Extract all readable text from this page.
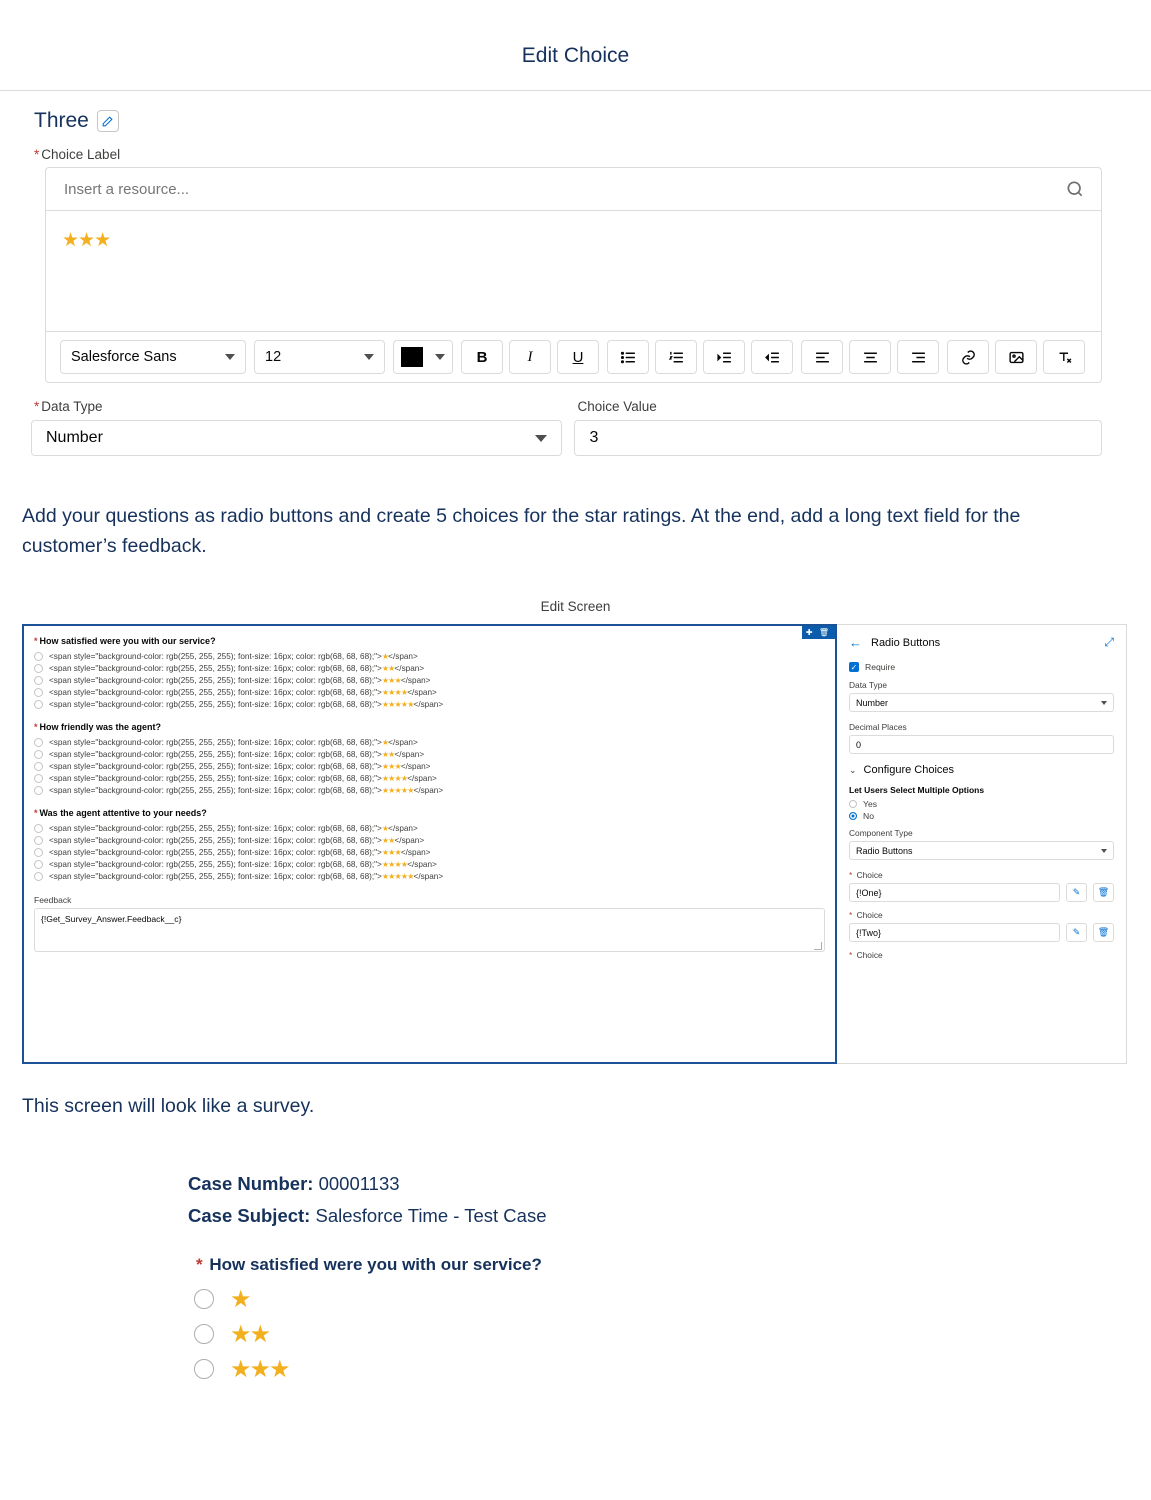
Edit Choice
Three
* Choice Label
Insert a resource...
★★★
Salesforce Sans	12	B	I	U
* Data Type
Number
Choice Value
3

Add your questions as radio buttons and create 5 choices for the star ratings. At the end, add a long text field for the customer’s feedback.

Edit Screen
✚ 🗑
* How satisfied were you with our service?
<span style="background-color: rgb(255, 255, 255); font-size: 16px; color: rgb(68, 68, 68);">★</span>
<span style="background-color: rgb(255, 255, 255); font-size: 16px; color: rgb(68, 68, 68);">★★</span>
<span style="background-color: rgb(255, 255, 255); font-size: 16px; color: rgb(68, 68, 68);">★★★</span>
<span style="background-color: rgb(255, 255, 255); font-size: 16px; color: rgb(68, 68, 68);">★★★★</span>
<span style="background-color: rgb(255, 255, 255); font-size: 16px; color: rgb(68, 68, 68);">★★★★★</span>
* How friendly was the agent?
<span style="background-color: rgb(255, 255, 255); font-size: 16px; color: rgb(68, 68, 68);">★</span>
<span style="background-color: rgb(255, 255, 255); font-size: 16px; color: rgb(68, 68, 68);">★★</span>
<span style="background-color: rgb(255, 255, 255); font-size: 16px; color: rgb(68, 68, 68);">★★★</span>
<span style="background-color: rgb(255, 255, 255); font-size: 16px; color: rgb(68, 68, 68);">★★★★</span>
<span style="background-color: rgb(255, 255, 255); font-size: 16px; color: rgb(68, 68, 68);">★★★★★</span>
* Was the agent attentive to your needs?
<span style="background-color: rgb(255, 255, 255); font-size: 16px; color: rgb(68, 68, 68);">★</span>
<span style="background-color: rgb(255, 255, 255); font-size: 16px; color: rgb(68, 68, 68);">★★</span>
<span style="background-color: rgb(255, 255, 255); font-size: 16px; color: rgb(68, 68, 68);">★★★</span>
<span style="background-color: rgb(255, 255, 255); font-size: 16px; color: rgb(68, 68, 68);">★★★★</span>
<span style="background-color: rgb(255, 255, 255); font-size: 16px; color: rgb(68, 68, 68);">★★★★★</span>
Feedback
{!Get_Survey_Answer.Feedback__c}
← Radio Buttons	⤢
✓ Require
Data Type
Number
Decimal Places
0
⌄ Configure Choices
Let Users Select Multiple Options
Yes
No
Component Type
Radio Buttons
* Choice
{!One}	✎	🗑
* Choice
{!Two}	✎	🗑
* Choice

This screen will look like a survey.

Case Number: 00001133
Case Subject: Salesforce Time - Test Case
* How satisfied were you with our service?
★
★★
★★★
